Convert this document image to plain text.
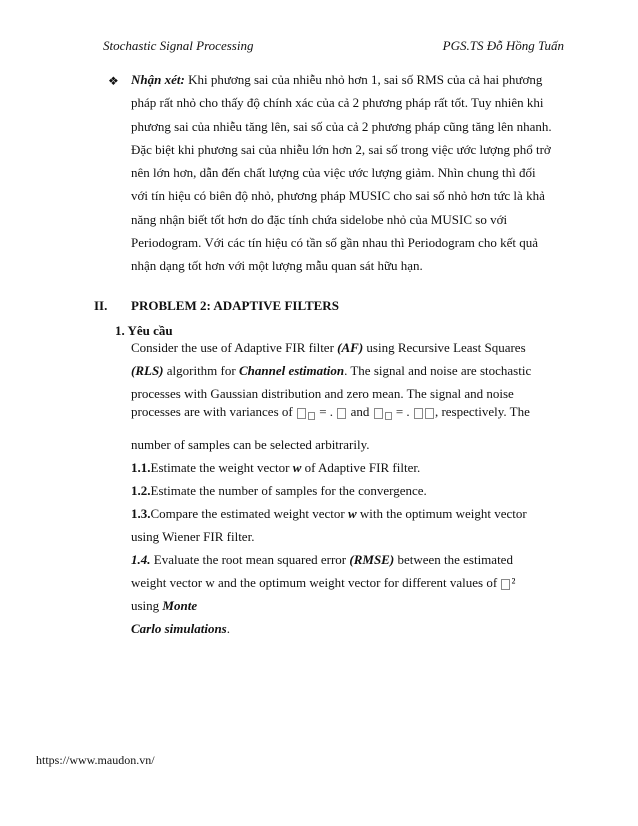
Stochastic Signal Processing	PGS.TS Đỗ Hồng Tuấn
❖ Nhận xét: Khi phương sai của nhiễu nhỏ hơn 1, sai số RMS của cả hai phương
pháp rất nhỏ cho thấy độ chính xác của cả 2 phương pháp rất tốt. Tuy nhiên khi
phương sai của nhiễu tăng lên, sai số của cả 2 phương pháp cũng tăng lên nhanh.
Đặc biệt khi phương sai của nhiễu lớn hơn 2, sai số trong việc ước lượng phổ trở
nên lớn hơn, dẫn đến chất lượng của việc ước lượng giảm. Nhìn chung thì đối
với tín hiệu có biên độ nhỏ, phương pháp MUSIC cho sai số nhỏ hơn tức là khả
năng nhận biết tốt hơn do đặc tính chứa sidelobe nhỏ của MUSIC so với
Periodogram. Với các tín hiệu có tần số gần nhau thì Periodogram cho kết quả
nhận dạng tốt hơn với một lượng mẫu quan sát hữu hạn.
II. PROBLEM 2: ADAPTIVE FILTERS
1. Yêu cầu
Consider the use of Adaptive FIR filter (AF) using Recursive Least Squares
(RLS) algorithm for Channel estimation. The signal and noise are stochastic
processes with Gaussian distribution and zero mean. The signal and noise
processes are with variances of  = .  and  = . , respectively. The
number of samples can be selected arbitrarily.
1.1.Estimate the weight vector w of Adaptive FIR filter.
1.2.Estimate the number of samples for the convergence.
1.3.Compare the estimated weight vector w with the optimum weight vector
using Wiener FIR filter.
1.4. Evaluate the root mean squared error (RMSE) between the estimated
weight vector w and the optimum weight vector for different values of ²
using Monte
Carlo simulations.
https://www.maudon.vn/
